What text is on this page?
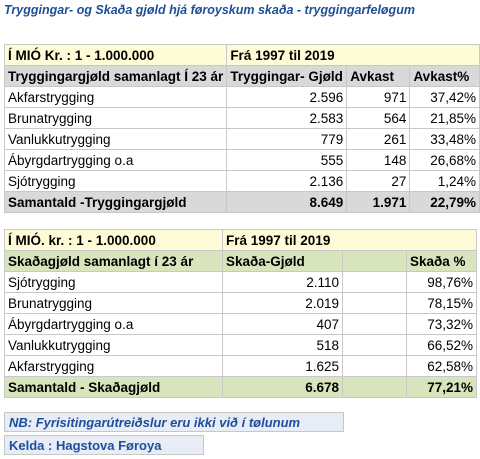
Tryggingar- og Skaða gjøld hjá føroyskum skaða - tryggingarfeløgum
Í MIÓ Kr. : 1 - 1.000.000	Frá 1997 til 2019		
Tryggingargjøld samanlagt Í 23 ár	Tryggingar- Gjøld	Avkast	Avkast%
Akfarstrygging	2.596	971	37,42%
Brunatrygging	2.583	564	21,85%
Vanlukkutrygging	779	261	33,48%
Ábyrgdartrygging o.a	555	148	26,68%
Sjótrygging	2.136	27	1,24%
Samantald -Tryggingargjøld	8.649	1.971	22,79%
Í MIÓ. kr. : 1 - 1.000.000	Frá 1997 til 2019		
Skaðagjøld samanlagt í 23 ár	Skaða-Gjøld		Skaða %
Sjótrygging	2.110		98,76%
Brunatrygging	2.019		78,15%
Ábyrgdartrygging o.a	407		73,32%
Vanlukkutrygging	518		66,52%
Akfarstrygging	1.625		62,58%
Samantald - Skaðagjøld	6.678		77,21%
NB: Fyrisitingarútreiðslur eru ikki við í tølunum
Kelda : Hagstova Føroya
